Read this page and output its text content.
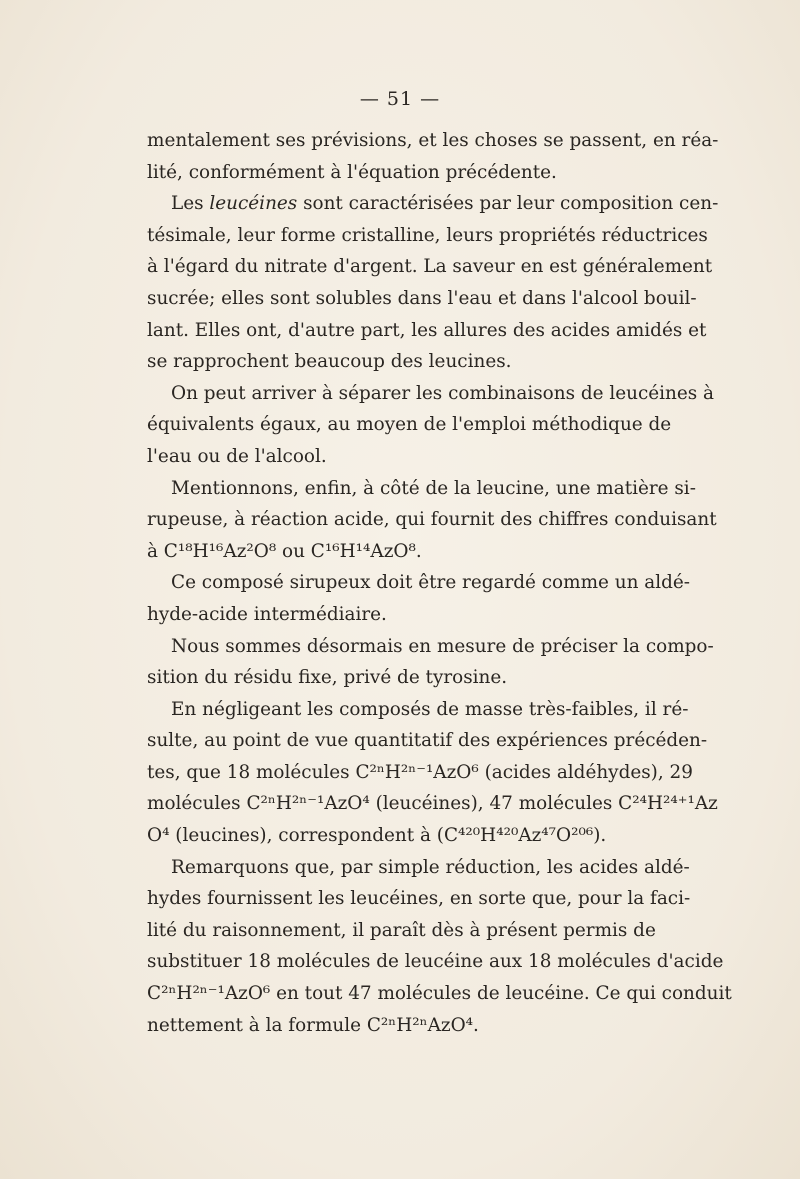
— 51 —
mentalement ses prévisions, et les choses se passent, en réa-
lité, conformément à l'équation précédente.
Les leucéines sont caractérisées par leur composition cen-
tésimale, leur forme cristalline, leurs propriétés réductrices
à l'égard du nitrate d'argent. La saveur en est généralement
sucrée; elles sont solubles dans l'eau et dans l'alcool bouil-
lant. Elles ont, d'autre part, les allures des acides amidés et
se rapprochent beaucoup des leucines.
On peut arriver à séparer les combinaisons de leucéines à
équivalents égaux, au moyen de l'emploi méthodique de
l'eau ou de l'alcool.
Mentionnons, enfin, à côté de la leucine, une matière si-
rupeuse, à réaction acide, qui fournit des chiffres conduisant
à C¹⁸H¹⁶Az²O⁸ ou C¹⁶H¹⁴AzO⁸.
Ce composé sirupeux doit être regardé comme un aldé-
hyde-acide intermédiaire.
Nous sommes désormais en mesure de préciser la compo-
sition du résidu fixe, privé de tyrosine.
En négligeant les composés de masse très-faibles, il ré-
sulte, au point de vue quantitatif des expériences précéden-
tes, que 18 molécules C²ⁿH²ⁿ⁻¹AzO⁶ (acides aldéhydes), 29
molécules C²ⁿH²ⁿ⁻¹AzO⁴ (leucéines), 47 molécules C²⁴H²⁴⁺¹Az
O⁴ (leucines), correspondent à (C⁴²⁰H⁴²⁰Az⁴⁷O²⁰⁶).
Remarquons que, par simple réduction, les acides aldé-
hydes fournissent les leucéines, en sorte que, pour la faci-
lité du raisonnement, il paraît dès à présent permis de
substituer 18 molécules de leucéine aux 18 molécules d'acide
C²ⁿH²ⁿ⁻¹AzO⁶ en tout 47 molécules de leucéine. Ce qui conduit
nettement à la formule C²ⁿH²ⁿAzO⁴.
